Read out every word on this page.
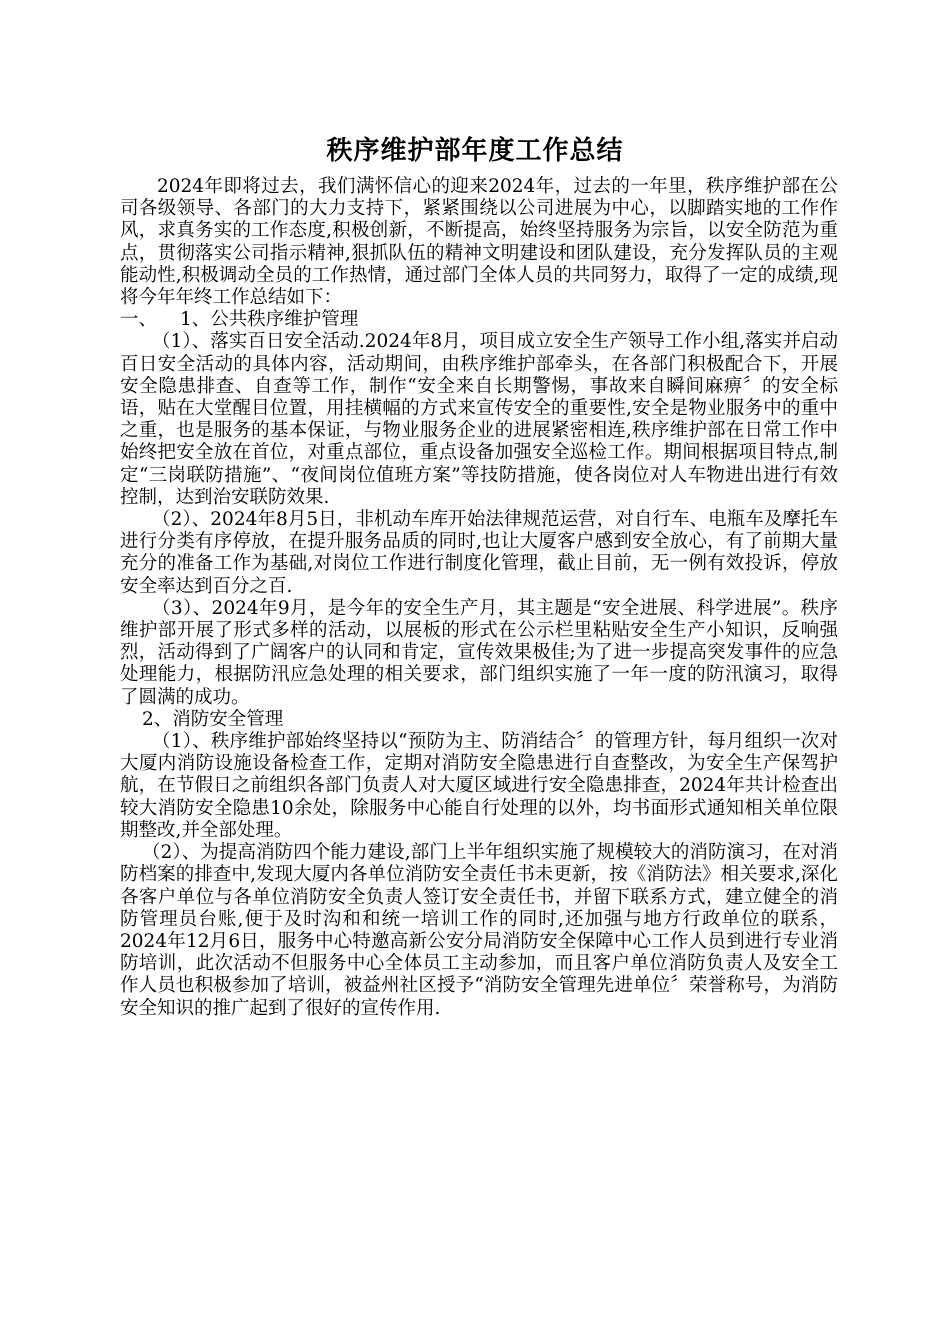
秩序维护部年度工作总结

2024年即将过去，我们满怀信心的迎来2024年，过去的一年里，秩序维护部在公司各级领导、各部门的大力支持下，紧紧围绕以公司进展为中心，以脚踏实地的工作作风，求真务实的工作态度,积极创新，不断提高，始终坚持服务为宗旨，以安全防范为重点，贯彻落实公司指示精神,狠抓队伍的精神文明建设和团队建设，充分发挥队员的主观能动性,积极调动全员的工作热情，通过部门全体人员的共同努力，取得了一定的成绩,现将今年年终工作总结如下：

一、 1、公共秩序维护管理

（1）、落实百日安全活动.2024年8月，项目成立安全生产领导工作小组,落实并启动百日安全活动的具体内容，活动期间，由秩序维护部牵头，在各部门积极配合下，开展安全隐患排查、自查等工作，制作“安全来自长期警惕，事故来自瞬间麻痹〞的安全标语，贴在大堂醒目位置，用挂横幅的方式来宣传安全的重要性,安全是物业服务中的重中之重，也是服务的基本保证，与物业服务企业的进展紧密相连,秩序维护部在日常工作中始终把安全放在首位，对重点部位，重点设备加强安全巡检工作。期间根据项目特点,制定“三岗联防措施”、“夜间岗位值班方案”等技防措施，使各岗位对人车物进出进行有效控制，达到治安联防效果.

（2）、2024年8月5日，非机动车库开始法律规范运营，对自行车、电瓶车及摩托车进行分类有序停放，在提升服务品质的同时,也让大厦客户感到安全放心，有了前期大量充分的准备工作为基础,对岗位工作进行制度化管理，截止目前，无一例有效投诉，停放安全率达到百分之百.

（3）、2024年9月，是今年的安全生产月，其主题是“安全进展、科学进展”。秩序维护部开展了形式多样的活动，以展板的形式在公示栏里粘贴安全生产小知识，反响强烈，活动得到了广阔客户的认同和肯定，宣传效果极佳;为了进一步提高突发事件的应急处理能力，根据防汛应急处理的相关要求，部门组织实施了一年一度的防汛演习，取得了圆满的成功。

2、消防安全管理

（1）、秩序维护部始终坚持以“预防为主、防消结合〞的管理方针，每月组织一次对大厦内消防设施设备检查工作，定期对消防安全隐患进行自查整改，为安全生产保驾护航，在节假日之前组织各部门负责人对大厦区域进行安全隐患排查，2024年共计检查出较大消防安全隐患10余处，除服务中心能自行处理的以外，均书面形式通知相关单位限期整改,并全部处理。

（2）、为提高消防四个能力建设,部门上半年组织实施了规模较大的消防演习，在对消防档案的排查中,发现大厦内各单位消防安全责任书未更新，按《消防法》相关要求,深化各客户单位与各单位消防安全负责人签订安全责任书，并留下联系方式，建立健全的消防管理员台账,便于及时沟和和统一培训工作的同时,还加强与地方行政单位的联系，2024年12月6日，服务中心特邀高新公安分局消防安全保障中心工作人员到进行专业消防培训，此次活动不但服务中心全体员工主动参加，而且客户单位消防负责人及安全工作人员也积极参加了培训，被益州社区授予“消防安全管理先进单位〞荣誉称号，为消防安全知识的推广起到了很好的宣传作用.
